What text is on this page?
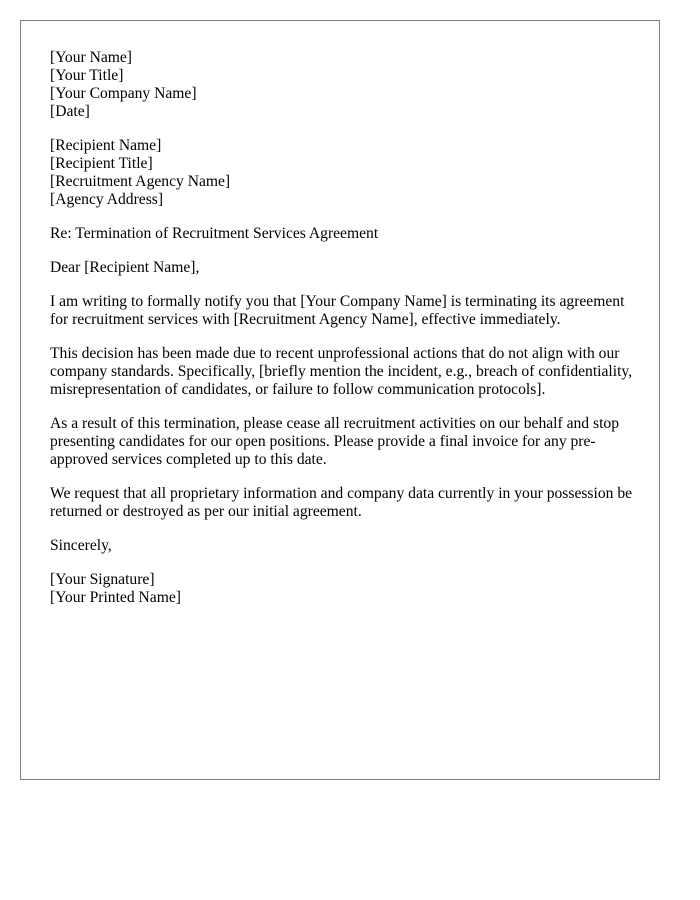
[Your Name]
[Your Title]
[Your Company Name]
[Date]
[Recipient Name]
[Recipient Title]
[Recruitment Agency Name]
[Agency Address]

Re: Termination of Recruitment Services Agreement

Dear [Recipient Name],

I am writing to formally notify you that [Your Company Name] is terminating its agreement for recruitment services with [Recruitment Agency Name], effective immediately.

This decision has been made due to recent unprofessional actions that do not align with our company standards. Specifically, [briefly mention the incident, e.g., breach of confidentiality, misrepresentation of candidates, or failure to follow communication protocols].

As a result of this termination, please cease all recruitment activities on our behalf and stop presenting candidates for our open positions. Please provide a final invoice for any pre-approved services completed up to this date.

We request that all proprietary information and company data currently in your possession be returned or destroyed as per our initial agreement.

Sincerely,

[Your Signature]
[Your Printed Name]
